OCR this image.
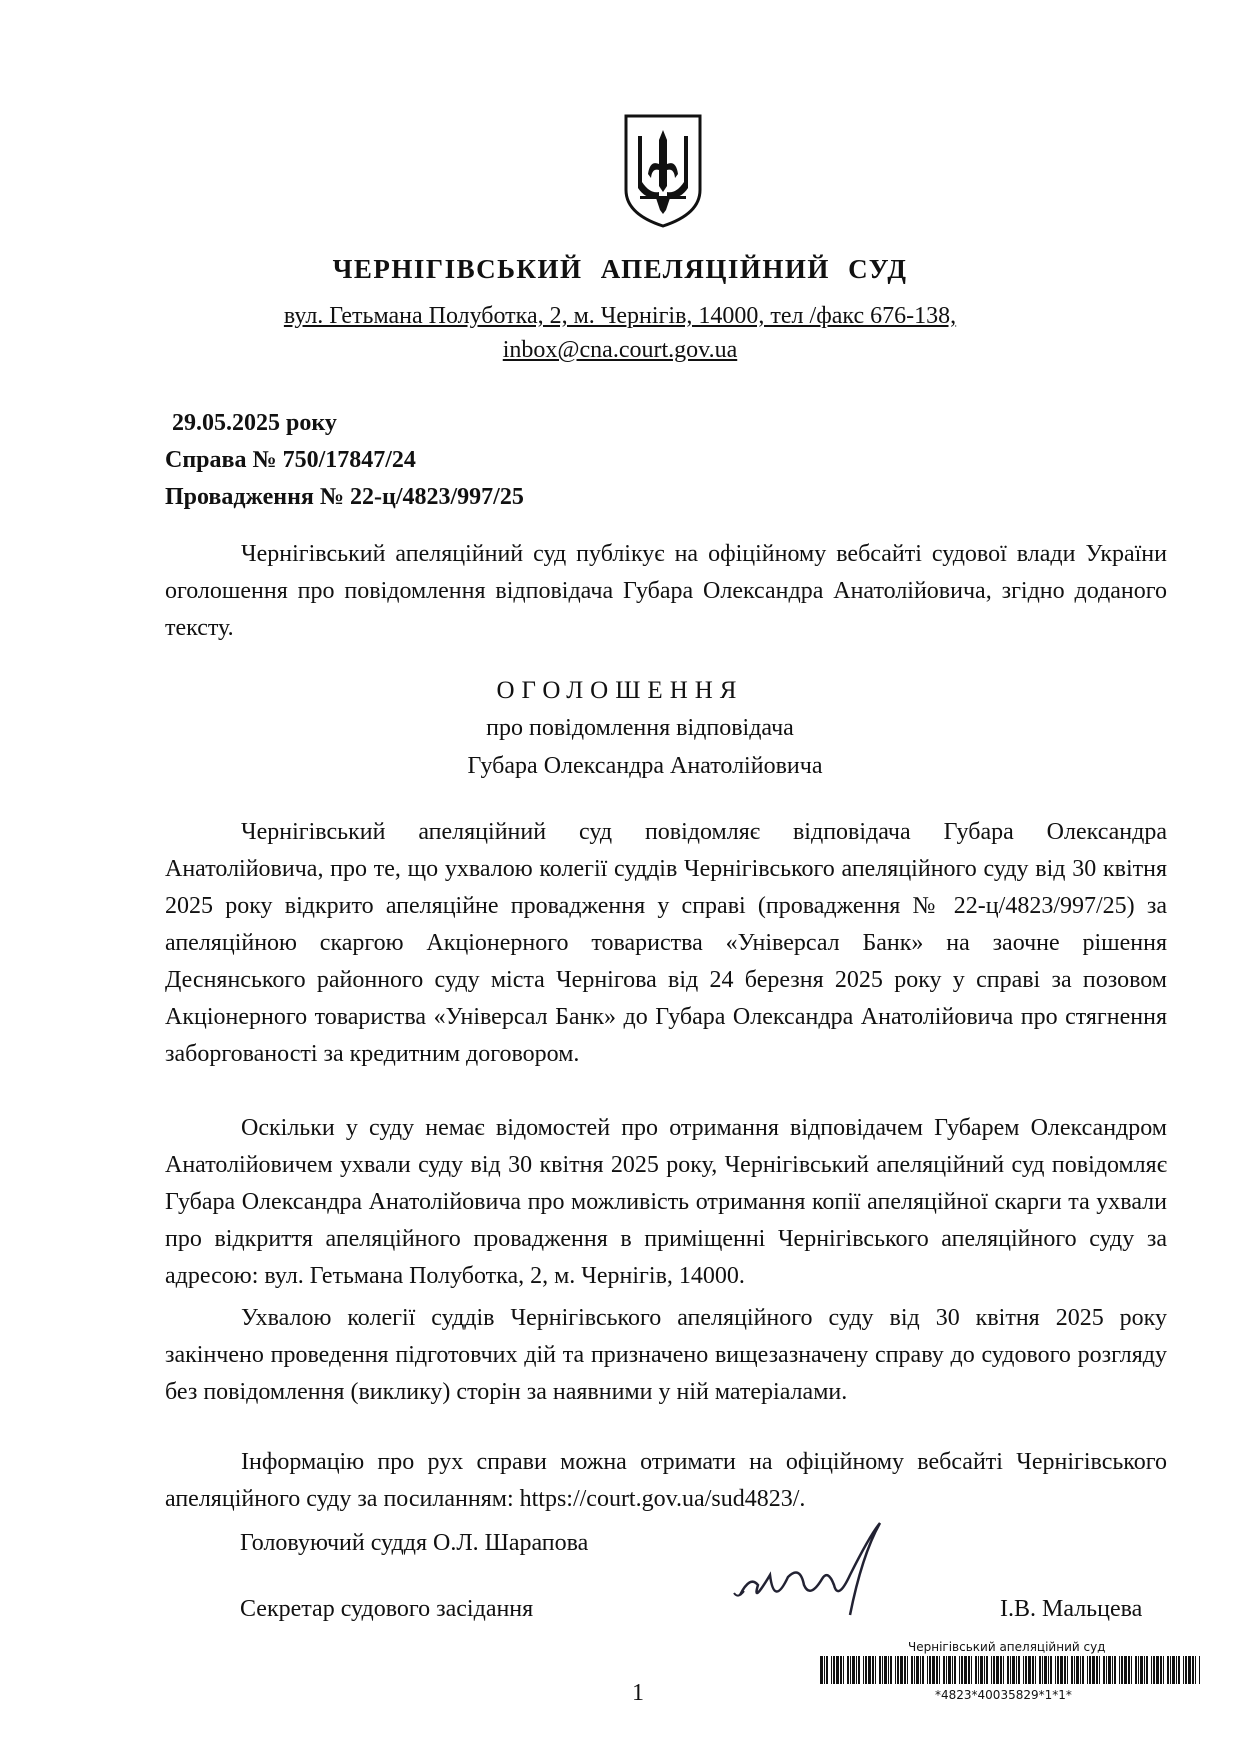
ЧЕРНІГІВСЬКИЙ АПЕЛЯЦІЙНИЙ СУД
вул. Гетьмана Полуботка, 2, м. Чернігів, 14000, тел /факс 676-138,
inbox@cna.court.gov.ua
29.05.2025 року
Справа № 750/17847/24
Провадження № 22-ц/4823/997/25

Чернігівський апеляційний суд публікує на офіційному вебсайті судової влади України оголошення про повідомлення відповідача Губара Олександра Анатолійовича, згідно доданого тексту.

ОГОЛОШЕННЯ
про повідомлення відповідача
Губара Олександра Анатолійовича

Чернігівський апеляційний суд повідомляє відповідача Губара Олександра Анатолійовича, про те, що ухвалою колегії суддів Чернігівського апеляційного суду від 30 квітня 2025 року відкрито апеляційне провадження у справі (провадження № 22-ц/4823/997/25) за апеляційною скаргою Акціонерного товариства «Універсал Банк» на заочне рішення Деснянського районного суду міста Чернігова від 24 березня 2025 року у справі за позовом Акціонерного товариства «Універсал Банк» до Губара Олександра Анатолійовича про стягнення заборгованості за кредитним договором.

Головуючий суддя О.Л. Шарапова
Секретар судового засідання	І.В. Мальцева
1
Чернігівський апеляційний суд
*4823*40035829*1*1*

Оскільки у суду немає відомостей про отримання відповідачем Губарем Олександром Анатолійовичем ухвали суду від 30 квітня 2025 року, Чернігівський апеляційний суд повідомляє Губара Олександра Анатолійовича про можливість отримання копії апеляційної скарги та ухвали про відкриття апеляційного провадження в приміщенні Чернігівського апеляційного суду за адресою: вул. Гетьмана Полуботка, 2, м. Чернігів, 14000.

Ухвалою колегії суддів Чернігівського апеляційного суду від 30 квітня 2025 року закінчено проведення підготовчих дій та призначено вищезазначену справу до судового розгляду без повідомлення (виклику) сторін за наявними у ній матеріалами.

Інформацію про рух справи можна отримати на офіційному вебсайті Чернігівського апеляційного суду за посиланням: https://court.gov.ua/sud4823/.
